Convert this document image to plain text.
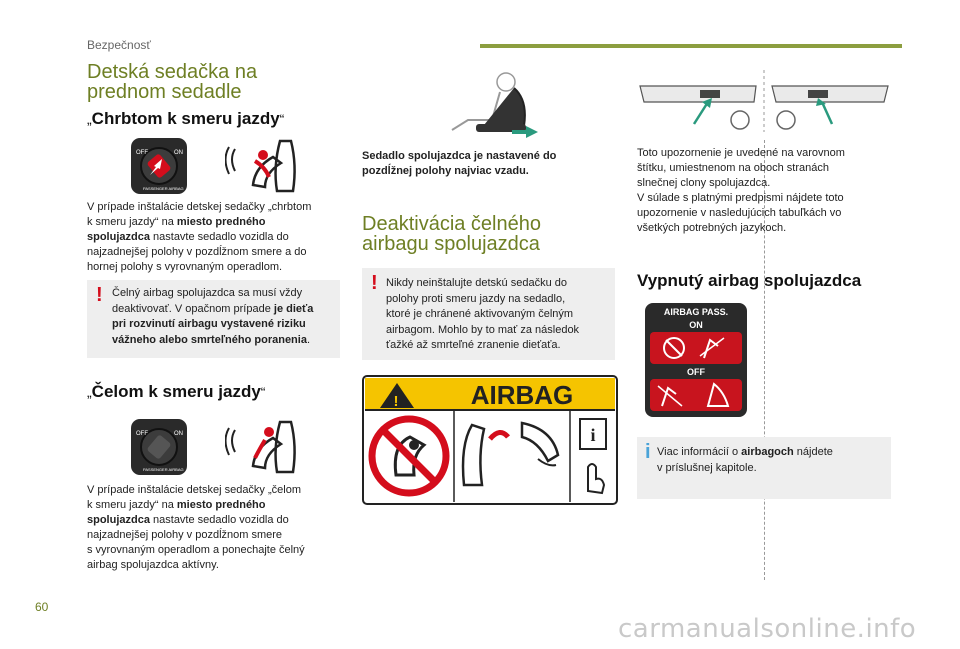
Bezpečnosť
Detská sedačka na
prednom sedadle
„Chrbtom k smeru jazdy“
OFF	ON
PASSENGER AIRBAG
V prípade inštalácie detskej sedačky „chrbtom
k smeru jazdy“ na miesto predného
spolujazdca nastavte sedadlo vozidla do
najzadnejšej polohy v pozdĺžnom smere a do
hornej polohy s vyrovnaným operadlom.
! Čelný airbag spolujazdca sa musí vždy
deaktivovať. V opačnom prípade je dieťa
pri rozvinutí airbagu vystavené riziku
vážneho alebo smrteľného poranenia.
„Čelom k smeru jazdy“
OFF	ON
PASSENGER AIRBAG
V prípade inštalácie detskej sedačky „čelom
k smeru jazdy“ na miesto predného
spolujazdca nastavte sedadlo vozidla do
najzadnejšej polohy v pozdĺžnom smere
s vyrovnaným operadlom a ponechajte čelný
airbag spolujazdca aktívny.
Sedadlo spolujazdca je nastavené do
pozdĺžnej polohy najviac vzadu.
Deaktivácia čelného
airbagu spolujazdca
! Nikdy neinštalujte detskú sedačku do
polohy proti smeru jazdy na sedadlo,
ktoré je chránené aktivovaným čelným
airbagom. Mohlo by to mať za následok
ťažké až smrteľné zranenie dieťaťa.
!	AIRBAG
i
Toto upozornenie je uvedené na varovnom
štítku, umiestnenom na oboch stranách
slnečnej clony spolujazdca.
V súlade s platnými predpismi nájdete toto
upozornenie v nasledujúcich tabuľkách vo
všetkých potrebných jazykoch.
Vypnutý airbag spolujazdca
AIRBAG PASS.
ON
OFF
i Viac informácií o airbagoch nájdete
v príslušnej kapitole.
60
carmanualsonline.info
